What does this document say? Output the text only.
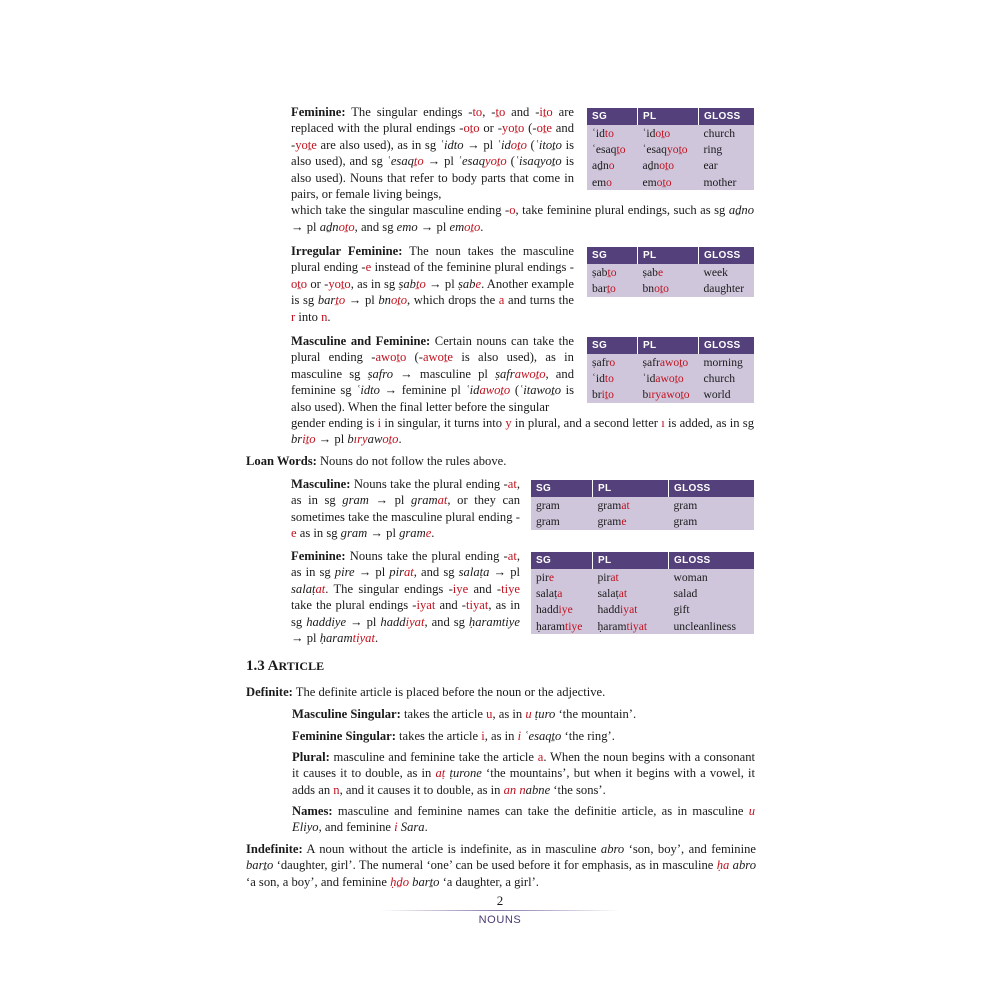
SG	PL	GLOSS
ʿidto	ʿidoṯo	church
ʿesaqṯo	ʿesaqyoṯo	ring
aḏno	aḏnoṯo	ear
emo	emoṯo	mother

Feminine: The singular endings -to, -ṯo and -iṯo are replaced with the plural endings -oṯo or -yoṯo (-oṯe and -yoṯe are also used), as in sg ʿidto → pl ʿidoṯo (ʿitoṯo is also used), and sg ʿesaqṯo → pl ʿesaqyoṯo (ʿisaqyoṯo is also used). Nouns that refer to body parts that come in pairs, or female living beings,

which take the singular masculine ending -o, take feminine plural endings, such as sg aḏno → pl aḏnoṯo, and sg emo → pl emoṯo.

SG	PL	GLOSS
ṣabṯo	ṣabe	week
barṯo	bnoṯo	daughter

Irregular Feminine: The noun takes the masculine plural ending -e instead of the feminine plural endings -oṯo or -yoṯo, as in sg ṣabṯo → pl ṣabe. Another example is sg barṯo → pl bnoṯo, which drops the a and turns the r into n.

SG	PL	GLOSS
ṣafro	ṣafrawoṯo	morning
ʿidto	ʿidawoṯo	church
briṯo	bıryawoṯo	world

Masculine and Feminine: Certain nouns can take the plural ending -awoṯo (-awoṯe is also used), as in masculine sg ṣafro → masculine pl ṣafrawoṯo, and feminine sg ʿidto → feminine pl ʿidawoṯo (ʿitawoṯo is also used). When the final letter before the singular

gender ending is i in singular, it turns into y in plural, and a second letter ı is added, as in sg briṯo → pl bıryawoṯo.

Loan Words: Nouns do not follow the rules above.

SG	PL	GLOSS
gram	gramat	gram
gram	grame	gram

Masculine: Nouns take the plural ending -at, as in sg gram → pl gramat, or they can sometimes take the masculine plural ending -e as in sg gram → pl grame.

SG	PL	GLOSS
pire	pirat	woman
salaṭa	salaṭat	salad
haddiye	haddiyat	gift
ḥaramtiye	ḥaramtiyat	uncleanliness

Feminine: Nouns take the plural ending -at, as in sg pire → pl pirat, and sg salaṭa → pl salaṭat. The singular endings -iye and -tiye take the plural endings -iyat and -tiyat, as in sg haddiye → pl haddiyat, and sg ḥaramtiye → pl ḥaramtiyat.

1.3 ARTICLE

Definite: The definite article is placed before the noun or the adjective.

Masculine Singular: takes the article u, as in u ṭuro ‘the mountain’.

Feminine Singular: takes the article i, as in i ʿesaqṯo ‘the ring’.

Plural: masculine and feminine take the article a. When the noun begins with a consonant it causes it to double, as in aṭ ṭurone ‘the mountains’, but when it begins with a vowel, it adds an n, and it causes it to double, as in an nabne ‘the sons’.

Names: masculine and feminine names can take the definitie article, as in masculine u Eliyo, and feminine i Sara.

Indefinite: A noun without the article is indefinite, as in masculine abro ‘son, boy’, and feminine barṯo ‘daughter, girl’. The numeral ‘one’ can be used before it for emphasis, as in masculine ḥa abro ‘a son, a boy’, and feminine ḥḏo barṯo ‘a daughter, a girl’.

2
NOUNS
